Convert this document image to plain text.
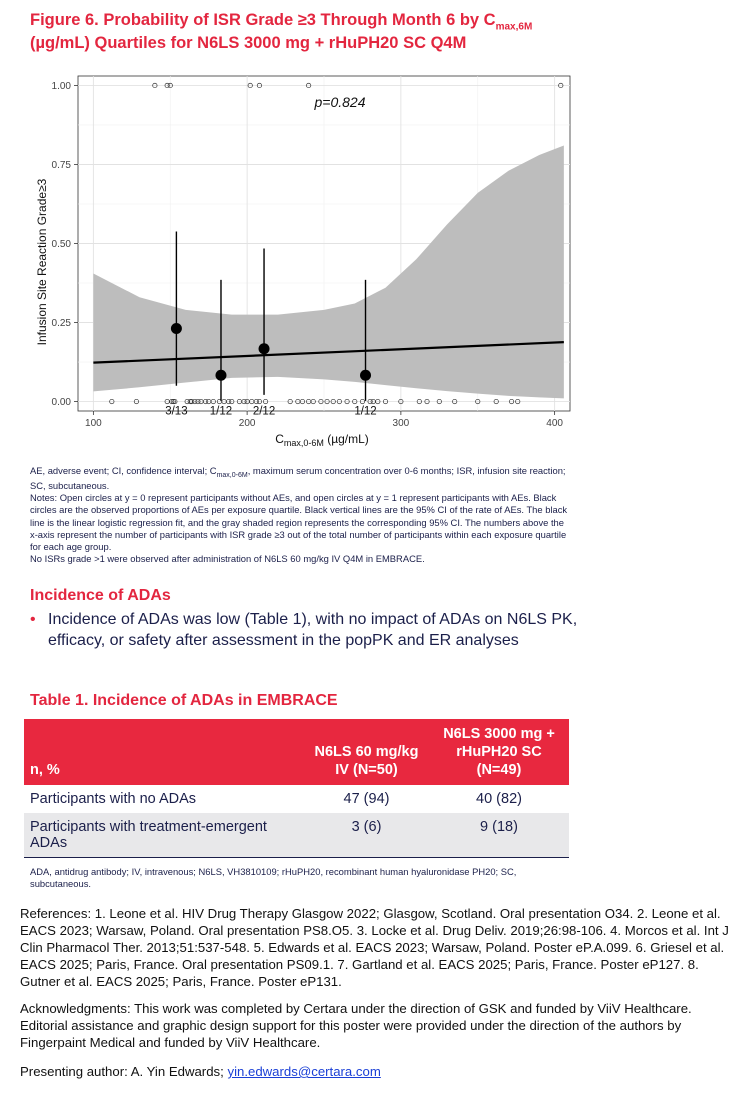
Figure 6. Probability of ISR Grade ≥3 Through Month 6 by $C_{max,6M}$
(µg/mL) Quartiles for N6LS 3000 mg + rHuPH20 SC Q4M
3/13 1/12 2/12	1/12
0.00
0.25
0.50
0.75
1.00
100	200	300	400
p=0.824
Infusion Site Reaction Grade≥3
$C_{max,0-6M}$ (µg/mL)

AE, adverse event; CI, confidence interval; $C_{max,0-6M}$, maximum serum concentration over 0-6 months; ISR, infusion site reaction; SC, subcutaneous.

Notes: Open circles at y = 0 represent participants without AEs, and open circles at y = 1 represent participants with AEs. Black circles are the observed proportions of AEs per exposure quartile. Black vertical lines are the 95% CI of the rate of AEs. The black line is the linear logistic regression fit, and the gray shaded region represents the corresponding 95% CI. The numbers above the x-axis represent the number of participants with ISR grade ≥3 out of the total number of participants within each exposure quartile for each age group.

No ISRs grade >1 were observed after administration of N6LS 60 mg/kg IV Q4M in EMBRACE.

Incidence of ADAs
• Incidence of ADAs was low (Table 1), with no impact of ADAs on N6LS PK, efficacy, or safety after assessment in the popPK and ER analyses
Table 1. Incidence of ADAs in EMBRACE
n, %	N6LS 60 mg/kg IV (N=50)	N6LS 3000 mg + rHuPH20 SC (N=49)
Participants with no ADAs	47 (94)	40 (82)
Participants with treatment-emergent ADAs	3 (6)	9 (18)
ADA, antidrug antibody; IV, intravenous; N6LS, VH3810109; rHuPH20, recombinant human hyaluronidase PH20; SC, subcutaneous.
References: 1. Leone et al. HIV Drug Therapy Glasgow 2022; Glasgow, Scotland. Oral presentation O34. 2. Leone et al. EACS 2023; Warsaw, Poland. Oral presentation PS8.O5. 3. Locke et al. Drug Deliv. 2019;26:98-106. 4. Morcos et al. Int J Clin Pharmacol Ther. 2013;51:537-548. 5. Edwards et al. EACS 2023; Warsaw, Poland. Poster eP.A.099. 6. Griesel et al. EACS 2025; Paris, France. Oral presentation PS09.1. 7. Gartland et al. EACS 2025; Paris, France. Poster eP127. 8. Gutner et al. EACS 2025; Paris, France. Poster eP131.
Acknowledgments: This work was completed by Certara under the direction of GSK and funded by ViiV Healthcare. Editorial assistance and graphic design support for this poster were provided under the direction of the authors by Fingerpaint Medical and funded by ViiV Healthcare.
Presenting author: A. Yin Edwards; yin.edwards@certara.com
